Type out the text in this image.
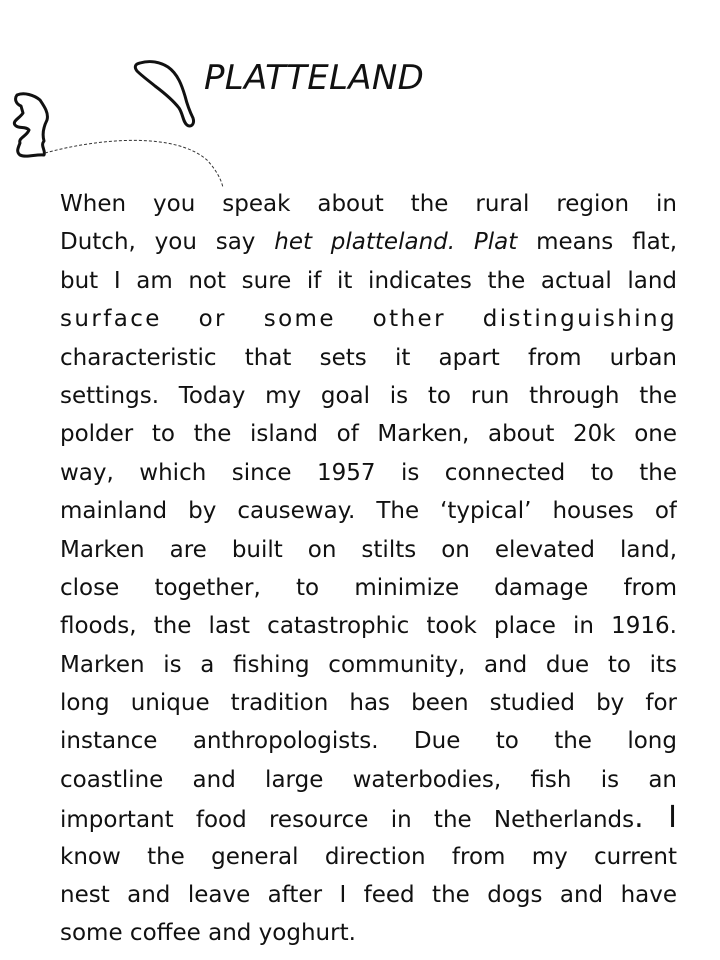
PLATTELAND
When you speak about the rural region in
Dutch, you say het platteland. Plat means flat,
but I am not sure if it indicates the actual land
surface or some other distinguishing
characteristic that sets it apart from urban
settings. Today my goal is to run through the
polder to the island of Marken, about 20k one
way, which since 1957 is connected to the
mainland by causeway. The ‘typical’ houses of
Marken are built on stilts on elevated land,
close together, to minimize damage from
floods, the last catastrophic took place in 1916.
Marken is a fishing community, and due to its
long unique tradition has been studied by for
instance anthropologists. Due to the long
coastline and large waterbodies, fish is an
important food resource in the Netherlands. I
know the general direction from my current
nest and leave after I feed the dogs and have
some coffee and yoghurt.
